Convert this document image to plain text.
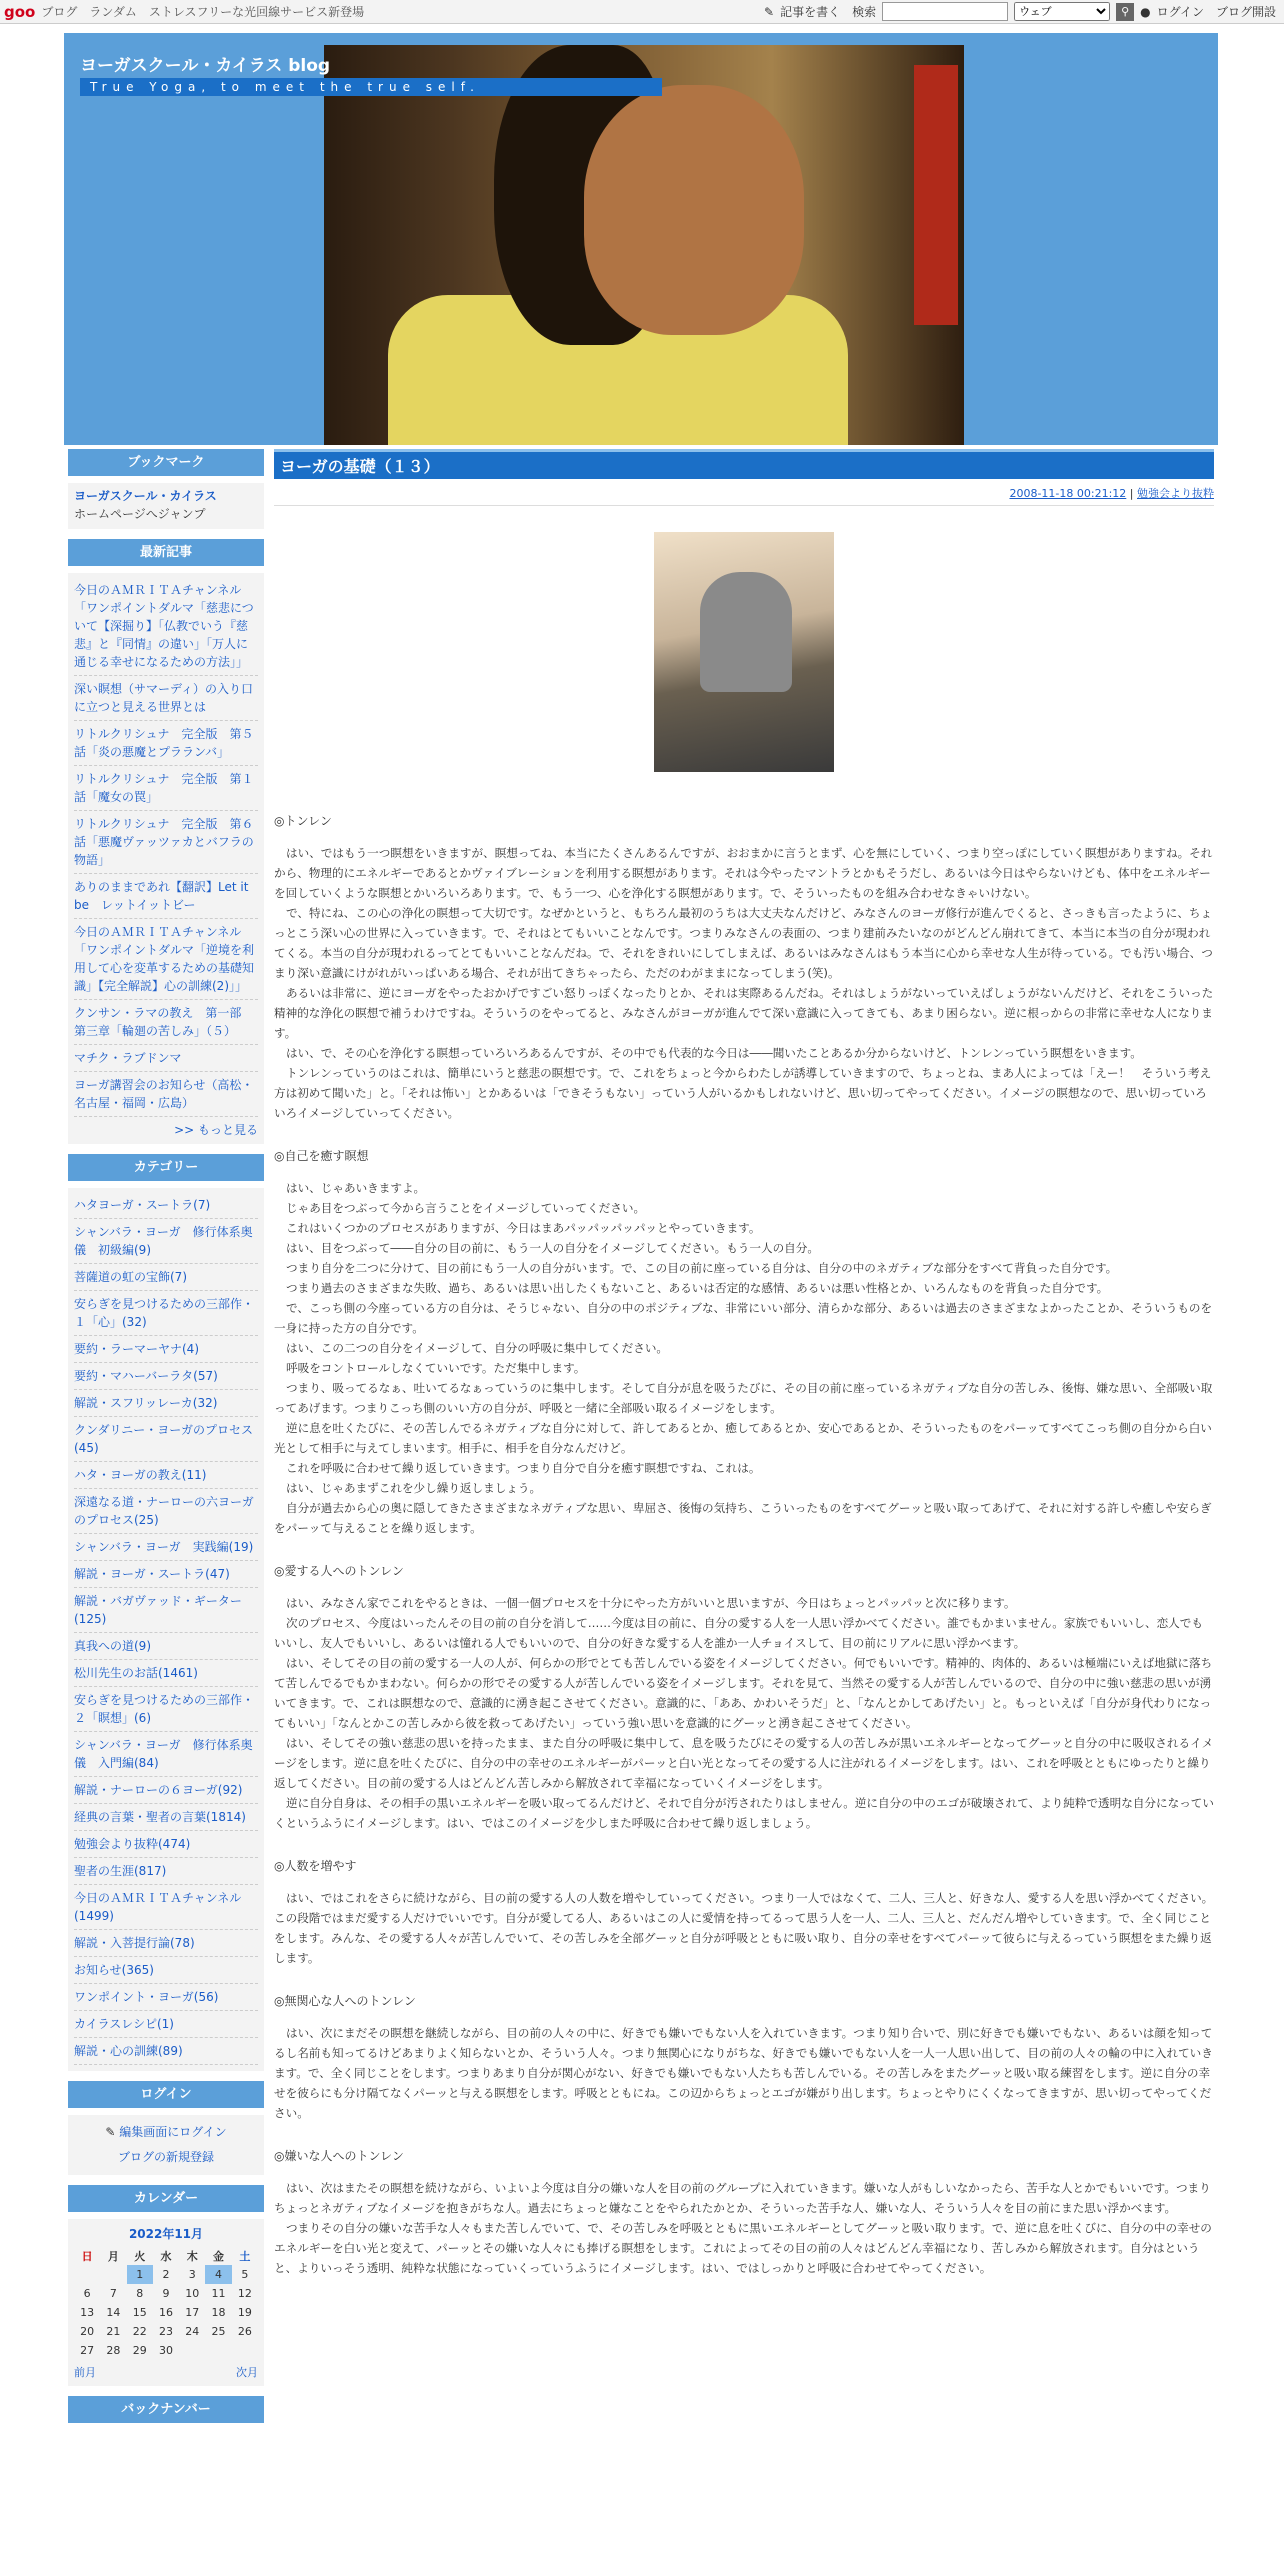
goo ブログ ランダム ストレスフリーな光回線サービス新登場	✎ 記事を書く 検索
ウェブ	⚲ ● ログイン ブログ開設
ヨーガスクール・カイラス blog
True Yoga, to meet the true self.
ブックマーク
ヨーガスクール・カイラス
ホームページへジャンプ
最新記事
今日のＡＭＲＩＴＡチャンネル「ワンポイントダルマ「慈悲について【深掘り】「仏教でいう『慈悲』と『同情』の違い」「万人に通じる幸せになるための方法」」
深い瞑想（サマーディ）の入り口に立つと見える世界とは
リトルクリシュナ　完全版　第５話「炎の悪魔とプラランバ」
リトルクリシュナ　完全版　第１話「魔女の罠」
リトルクリシュナ　完全版　第６話「悪魔ヴァッツァカとバフラの物語」
ありのままであれ【翻訳】Let it be　レットイットビー
今日のＡＭＲＩＴＡチャンネル「ワンポイントダルマ「逆境を利用して心を変革するための基礎知識」【完全解説】心の訓練(2)」」
クンサン・ラマの教え　第一部　第三章「輪廻の苦しみ」（５）
マチク・ラブドンマ
ヨーガ講習会のお知らせ（高松・名古屋・福岡・広島）
>> もっと見る
カテゴリー
ハタヨーガ・スートラ(7)
シャンバラ・ヨーガ　修行体系奥儀　初級編(9)
菩薩道の虹の宝飾(7)
安らぎを見つけるための三部作・１「心」(32)
要約・ラーマーヤナ(4)
要約・マハーバーラタ(57)
解説・スフリッレーカ(32)
クンダリニー・ヨーガのプロセス(45)
ハタ・ヨーガの教え(11)
深遠なる道・ナーローの六ヨーガのプロセス(25)
シャンバラ・ヨーガ　実践編(19)
解説・ヨーガ・スートラ(47)
解説・バガヴァッド・ギーター(125)
真我への道(9)
松川先生のお話(1461)
安らぎを見つけるための三部作・２「瞑想」(6)
シャンバラ・ヨーガ　修行体系奥儀　入門編(84)
解説・ナーローの６ヨーガ(92)
経典の言葉・聖者の言葉(1814)
勉強会より抜粋(474)
聖者の生涯(817)
今日のＡＭＲＩＴＡチャンネル(1499)
解説・入菩提行論(78)
お知らせ(365)
ワンポイント・ヨーガ(56)
カイラスレシピ(1)
解説・心の訓練(89)
ログイン
✎ 編集画面にログイン
ブログの新規登録
カレンダー
2022年11月
日	月	火	水	木	金	土
		1	2	3	4	5
6	7	8	9	10	11	12
13	14	15	16	17	18	19
20	21	22	23	24	25	26
27	28	29	30			
前月	次月
バックナンバー
ヨーガの基礎（１３）
2008-11-18 00:21:12 | 勉強会より抜粋
◎トンレン

はい、ではもう一つ瞑想をいきますが、瞑想ってね、本当にたくさんあるんですが、おおまかに言うとまず、心を無にしていく、つまり空っぽにしていく瞑想がありますね。それから、物理的にエネルギーであるとかヴァイブレーションを利用する瞑想があります。それは今やったマントラとかもそうだし、あるいは今日はやらないけども、体中をエネルギーを回していくような瞑想とかいろいろあります。で、もう一つ、心を浄化する瞑想があります。で、そういったものを組み合わせなきゃいけない。

で、特にね、この心の浄化の瞑想って大切です。なぜかというと、もちろん最初のうちは大丈夫なんだけど、みなさんのヨーガ修行が進んでくると、さっきも言ったように、ちょっとこう深い心の世界に入っていきます。で、それはとてもいいことなんです。つまりみなさんの表面の、つまり建前みたいなのがどんどん崩れてきて、本当に本当の自分が現われてくる。本当の自分が現われるってとてもいいことなんだね。で、それをきれいにしてしまえば、あるいはみなさんはもう本当に心から幸せな人生が待っている。でも汚い場合、つまり深い意識にけがれがいっぱいある場合、それが出てきちゃったら、ただのわがままになってしまう(笑)。

あるいは非常に、逆にヨーガをやったおかげですごい怒りっぽくなったりとか、それは実際あるんだね。それはしょうがないっていえばしょうがないんだけど、それをこういった精神的な浄化の瞑想で補うわけですね。そういうのをやってると、みなさんがヨーガが進んでて深い意識に入ってきても、あまり困らない。逆に根っからの非常に幸せな人になります。

はい、で、その心を浄化する瞑想っていろいろあるんですが、その中でも代表的な今日は――聞いたことあるか分からないけど、トンレンっていう瞑想をいきます。

トンレンっていうのはこれは、簡単にいうと慈悲の瞑想です。で、これをちょっと今からわたしが誘導していきますので、ちょっとね、まあ人によっては「えー！　そういう考え方は初めて聞いた」と。「それは怖い」とかあるいは「できそうもない」っていう人がいるかもしれないけど、思い切ってやってください。イメージの瞑想なので、思い切っていろいろイメージしていってください。

◎自己を癒す瞑想

はい、じゃあいきますよ。

じゃあ目をつぶって今から言うことをイメージしていってください。

これはいくつかのプロセスがありますが、今日はまあパッパッパッパッとやっていきます。

はい、目をつぶって――自分の目の前に、もう一人の自分をイメージしてください。もう一人の自分。

つまり自分を二つに分けて、目の前にもう一人の自分がいます。で、この目の前に座っている自分は、自分の中のネガティブな部分をすべて背負った自分です。

つまり過去のさまざまな失敗、過ち、あるいは思い出したくもないこと、あるいは否定的な感情、あるいは悪い性格とか、いろんなものを背負った自分です。

で、こっち側の今座っている方の自分は、そうじゃない、自分の中のポジティブな、非常にいい部分、清らかな部分、あるいは過去のさまざまなよかったことか、そういうものを一身に持った方の自分です。

はい、この二つの自分をイメージして、自分の呼吸に集中してください。

呼吸をコントロールしなくていいです。ただ集中します。

つまり、吸ってるなぁ、吐いてるなぁっていうのに集中します。そして自分が息を吸うたびに、その目の前に座っているネガティブな自分の苦しみ、後悔、嫌な思い、全部吸い取ってあげます。つまりこっち側のいい方の自分が、呼吸と一緒に全部吸い取るイメージをします。

逆に息を吐くたびに、その苦しんでるネガティブな自分に対して、許してあるとか、癒してあるとか、安心であるとか、そういったものをパーッてすべてこっち側の自分から白い光として相手に与えてしまいます。相手に、相手を自分なんだけど。

これを呼吸に合わせて繰り返していきます。つまり自分で自分を癒す瞑想ですね、これは。

はい、じゃあまずこれを少し繰り返しましょう。

自分が過去から心の奥に隠してきたさまざまなネガティブな思い、卑屈さ、後悔の気持ち、こういったものをすべてグーッと吸い取ってあげて、それに対する許しや癒しや安らぎをパーッて与えることを繰り返します。

◎愛する人へのトンレン

はい、みなさん家でこれをやるときは、一個一個プロセスを十分にやった方がいいと思いますが、今日はちょっとパッパッと次に移ります。

次のプロセス、今度はいったんその目の前の自分を消して……今度は目の前に、自分の愛する人を一人思い浮かべてください。誰でもかまいません。家族でもいいし、恋人でもいいし、友人でもいいし、あるいは憧れる人でもいいので、自分の好きな愛する人を誰か一人チョイスして、目の前にリアルに思い浮かべます。

はい、そしてその目の前の愛する一人の人が、何らかの形でとても苦しんでいる姿をイメージしてください。何でもいいです。精神的、肉体的、あるいは極端にいえば地獄に落ちて苦しんでるでもかまわない。何らかの形でその愛する人が苦しんでいる姿をイメージします。それを見て、当然その愛する人が苦しんでいるので、自分の中に強い慈悲の思いが湧いてきます。で、これは瞑想なので、意識的に湧き起こさせてください。意識的に、「ああ、かわいそうだ」と、「なんとかしてあげたい」と。もっといえば「自分が身代わりになってもいい」「なんとかこの苦しみから彼を救ってあげたい」っていう強い思いを意識的にグーッと湧き起こさせてください。

はい、そしてその強い慈悲の思いを持ったまま、また自分の呼吸に集中して、息を吸うたびにその愛する人の苦しみが黒いエネルギーとなってグーッと自分の中に吸収されるイメージをします。逆に息を吐くたびに、自分の中の幸せのエネルギーがパーッと白い光となってその愛する人に注がれるイメージをします。はい、これを呼吸とともにゆったりと繰り返してください。目の前の愛する人はどんどん苦しみから解放されて幸福になっていくイメージをします。

逆に自分自身は、その相手の黒いエネルギーを吸い取ってるんだけど、それで自分が汚されたりはしません。逆に自分の中のエゴが破壊されて、より純粋で透明な自分になっていくというふうにイメージします。はい、ではこのイメージを少しまた呼吸に合わせて繰り返しましょう。

◎人数を増やす

はい、ではこれをさらに続けながら、目の前の愛する人の人数を増やしていってください。つまり一人ではなくて、二人、三人と、好きな人、愛する人を思い浮かべてください。この段階ではまだ愛する人だけでいいです。自分が愛してる人、あるいはこの人に愛情を持ってるって思う人を一人、二人、三人と、だんだん増やしていきます。で、全く同じことをします。みんな、その愛する人々が苦しんでいて、その苦しみを全部グーッと自分が呼吸とともに吸い取り、自分の幸せをすべてパーッて彼らに与えるっていう瞑想をまた繰り返します。

◎無関心な人へのトンレン

はい、次にまだその瞑想を継続しながら、目の前の人々の中に、好きでも嫌いでもない人を入れていきます。つまり知り合いで、別に好きでも嫌いでもない、あるいは顔を知ってるし名前も知ってるけどあまりよく知らないとか、そういう人々。つまり無関心になりがちな、好きでも嫌いでもない人を一人一人思い出して、目の前の人々の輪の中に入れていきます。で、全く同じことをします。つまりあまり自分が関心がない、好きでも嫌いでもない人たちも苦しんでいる。その苦しみをまたグーッと吸い取る練習をします。逆に自分の幸せを彼らにも分け隔てなくパーッと与える瞑想をします。呼吸とともにね。この辺からちょっとエゴが嫌がり出します。ちょっとやりにくくなってきますが、思い切ってやってください。

◎嫌いな人へのトンレン

はい、次はまたその瞑想を続けながら、いよいよ今度は自分の嫌いな人を目の前のグループに入れていきます。嫌いな人がもしいなかったら、苦手な人とかでもいいです。つまりちょっとネガティブなイメージを抱きがちな人。過去にちょっと嫌なことをやられたかとか、そういった苦手な人、嫌いな人、そういう人々を目の前にまた思い浮かべます。

つまりその自分の嫌いな苦手な人々もまた苦しんでいて、で、その苦しみを呼吸とともに黒いエネルギーとしてグーッと吸い取ります。で、逆に息を吐くびに、自分の中の幸せのエネルギーを白い光と変えて、パーッとその嫌いな人々にも捧げる瞑想をします。これによってその目の前の人々はどんどん幸福になり、苦しみから解放されます。自分はというと、よりいっそう透明、純粋な状態になっていくっていうふうにイメージします。はい、ではしっかりと呼吸に合わせてやってください。
